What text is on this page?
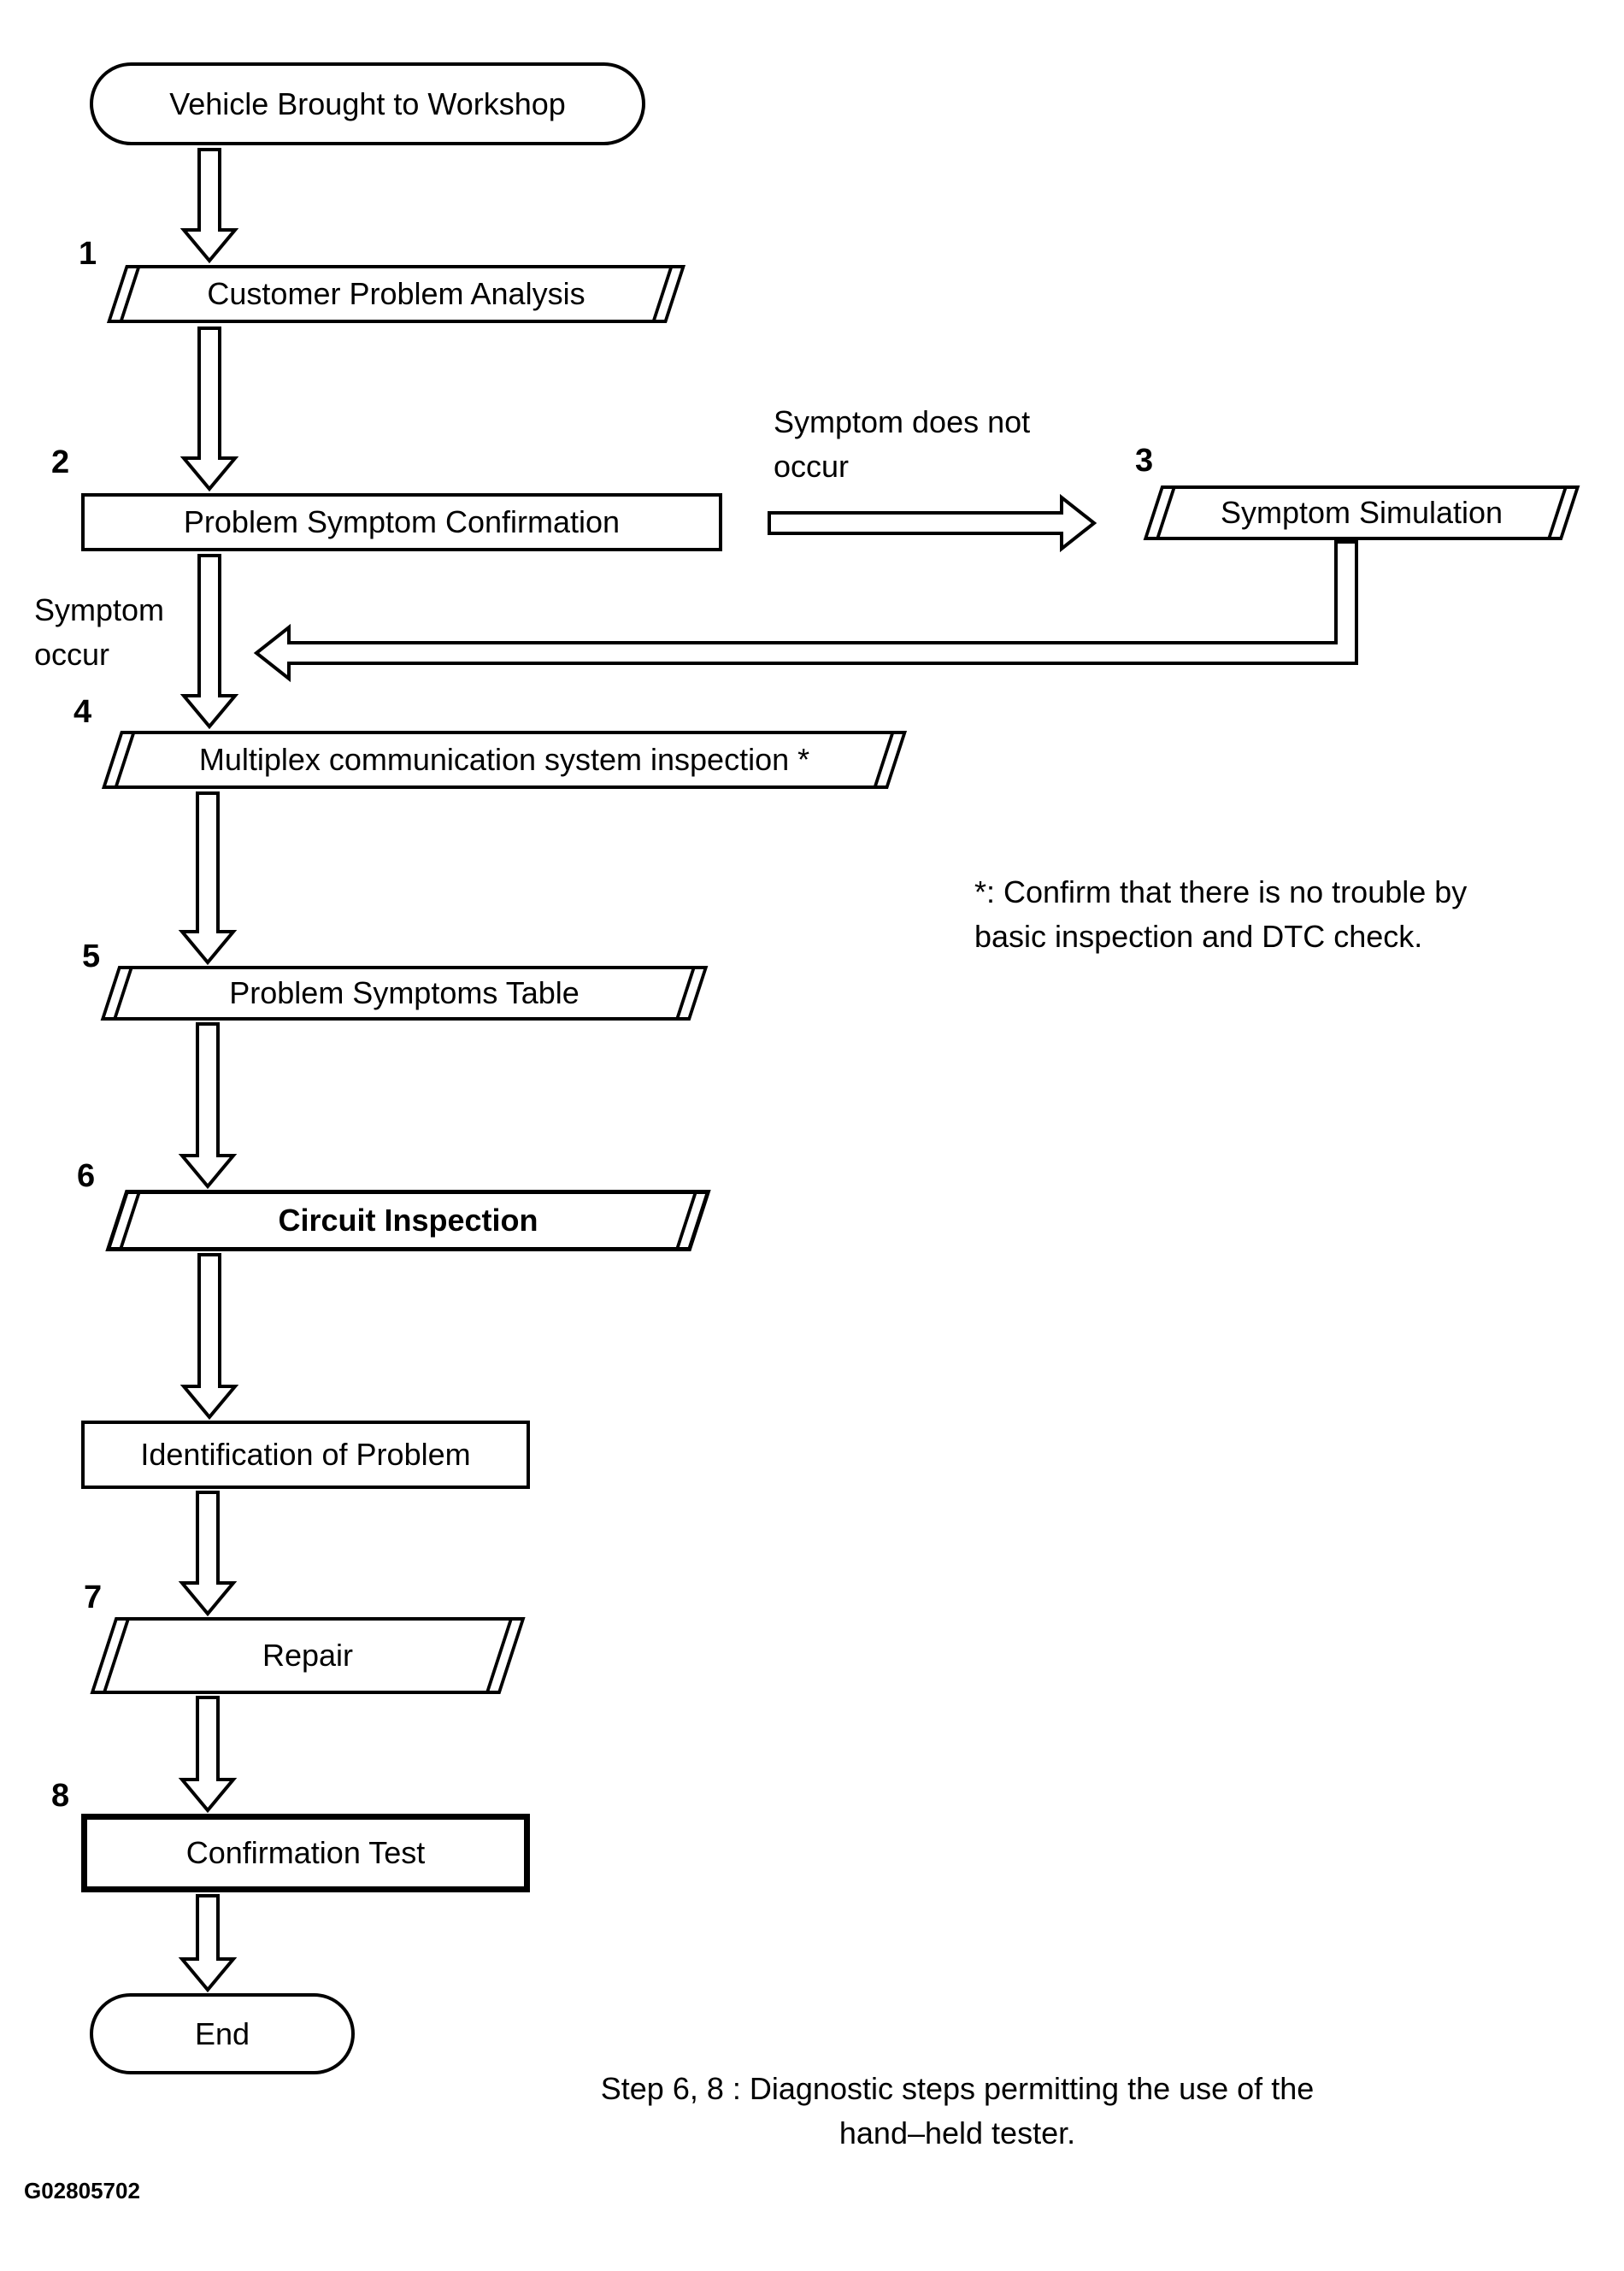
Vehicle Brought to Workshop
1
Customer Problem Analysis
2
Problem Symptom Confirmation
Symptom does not
occur	3
Symptom Simulation
Symptom
occur
4
Multiplex communication system inspection *
*: Confirm that there is no trouble by
basic inspection and DTC check.
5
Problem Symptoms Table
6
Circuit Inspection
Identification of Problem
7
Repair
8
Confirmation Test
End
Step 6, 8 : Diagnostic steps permitting the use of the
hand–held tester.
G02805702
